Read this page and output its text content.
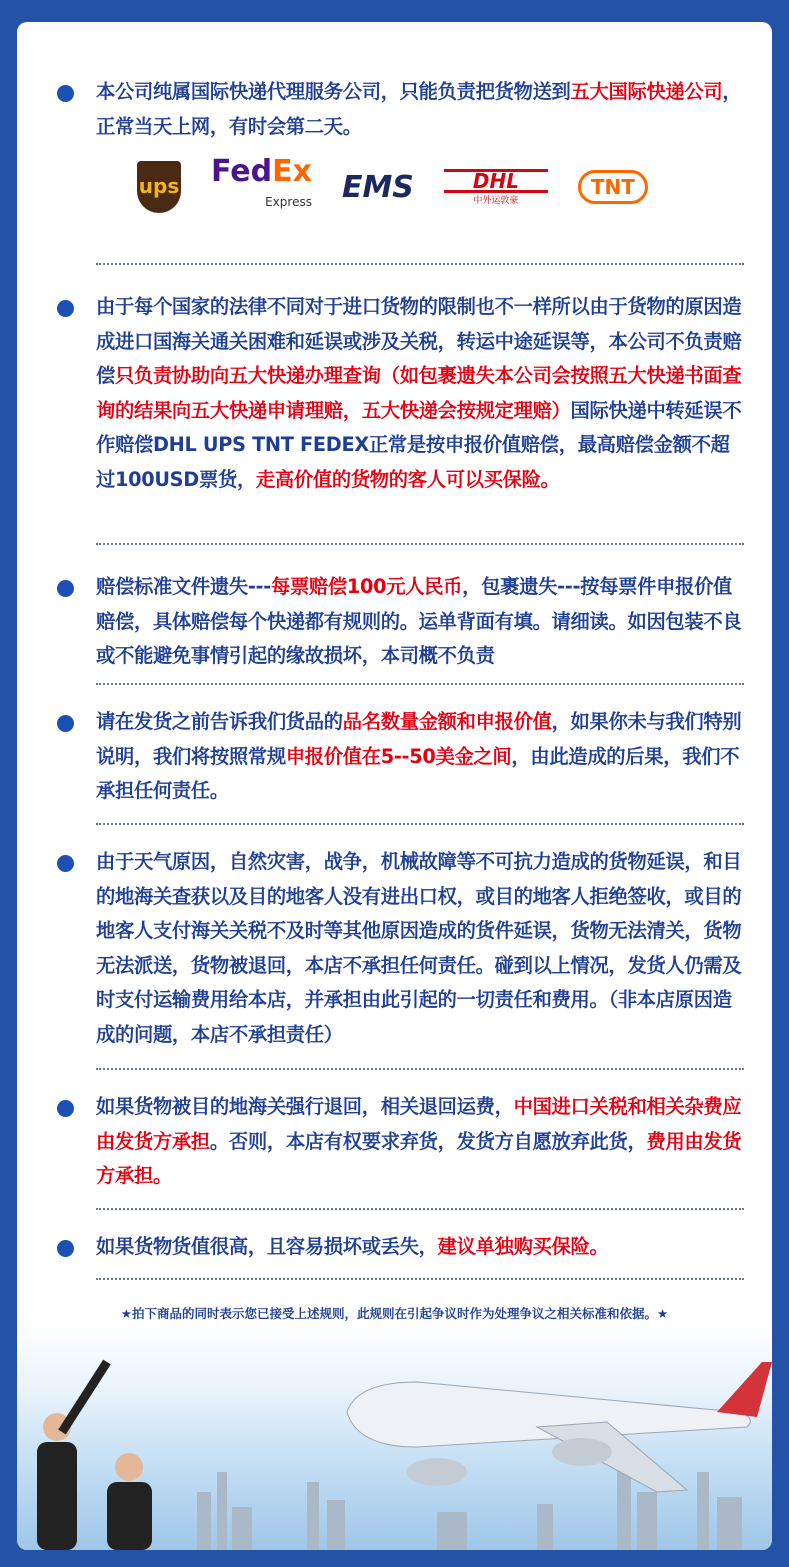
ups FedEx
Express EMS	DHL
中外运敦豪
TNT
本公司纯属国际快递代理服务公司，只能负责把货物送到五大国际快递公司，正常当天上网，有时会第二天。
由于每个国家的法律不同对于进口货物的限制也不一样所以由于货物的原因造成进口国海关通关困难和延误或涉及关税，转运中途延误等，本公司不负责赔偿只负责协助向五大快递办理查询（如包裹遗失本公司会按照五大快递书面查询的结果向五大快递申请理赔，五大快递会按规定理赔）国际快递中转延误不作赔偿DHL UPS TNT FEDEX正常是按申报价值赔偿，最高赔偿金额不超过100USD票货，走高价值的货物的客人可以买保险。
赔偿标准文件遗失---每票赔偿100元人民币，包裹遗失---按每票件申报价值赔偿，具体赔偿每个快递都有规则的。运单背面有填。请细读。如因包装不良或不能避免事情引起的缘故损坏，本司概不负责
请在发货之前告诉我们货品的品名数量金额和申报价值，如果你未与我们特别说明，我们将按照常规申报价值在5--50美金之间，由此造成的后果，我们不承担任何责任。
由于天气原因，自然灾害，战争，机械故障等不可抗力造成的货物延误，和目的地海关查获以及目的地客人没有进出口权，或目的地客人拒绝签收，或目的地客人支付海关关税不及时等其他原因造成的货件延误，货物无法清关，货物无法派送，货物被退回，本店不承担任何责任。碰到以上情况，发货人仍需及时支付运输费用给本店，并承担由此引起的一切责任和费用。（非本店原因造成的问题，本店不承担责任）
如果货物被目的地海关强行退回，相关退回运费，中国进口关税和相关杂费应由发货方承担。否则，本店有权要求弃货，发货方自愿放弃此货，费用由发货方承担。
如果货物货值很高，且容易损坏或丢失，建议单独购买保险。
★拍下商品的同时表示您已接受上述规则，此规则在引起争议时作为处理争议之相关标准和依据。★
